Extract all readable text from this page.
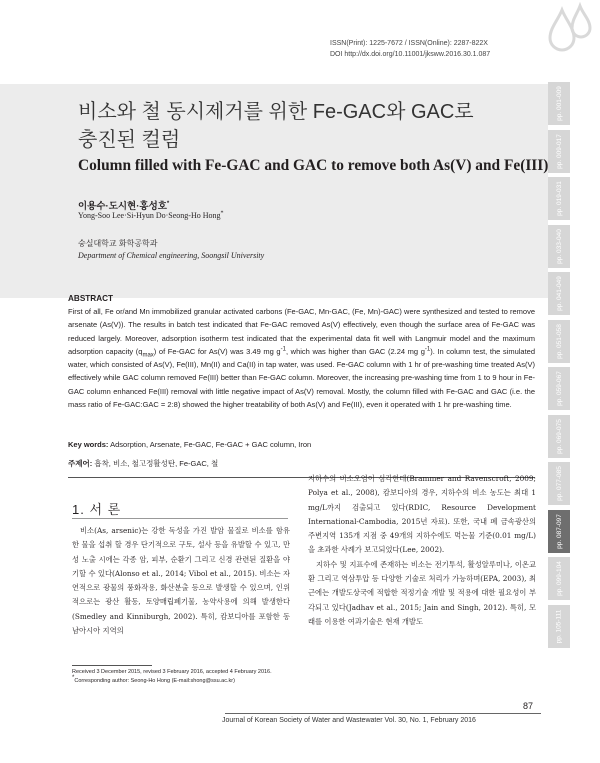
ISSN(Print): 1225-7672 / ISSN(Online): 2287-822X
DOI http://dx.doi.org/10.11001/jksww.2016.30.1.087
비소와 철 동시제거를 위한 Fe-GAC와 GAC로
충진된 컬럼
Column filled with Fe-GAC and GAC to remove both As(V) and Fe(III)
이용수·도시현·홍성호*
Yong-Soo Lee·Si-Hyun Do·Seong-Ho Hong*
숭실대학교 화학공학과
Department of Chemical engineering, Soongsil University
ABSTRACT
First of all, Fe or/and Mn immobilized granular activated carbons (Fe-GAC, Mn-GAC, (Fe, Mn)-GAC) were synthesized and tested to remove arsenate (As(V)). The results in batch test indicated that Fe-GAC removed As(V) effectively, even though the surface area of Fe-GAC was reduced largely. Moreover, adsorption isotherm test indicated that the experimental data fit well with Langmuir model and the maximum adsorption capacity $(q_{max})$ of Fe-GAC for As(V) was 3.49 mg $g^{-1}$, which was higher than GAC (2.24 mg $g^{-1}$). In column test, the simulated water, which consisted of As(V), Fe(III), Mn(II) and Ca(II) in tap water, was used. Fe-GAC column with 1 hr of pre-washing time treated As(V) effectively while GAC column removed Fe(III) better than Fe-GAC column. Moreover, the increasing pre-washing time from 1 to 9 hour in Fe-GAC column enhanced Fe(III) removal with little negative impact of As(V) removal. Mostly, the column filled with Fe-GAC and GAC (i.e. the mass ratio of Fe-GAC:GAC = 2:8) showed the higher treatability of both As(V) and Fe(III), even it operated with 1 hr pre-washing time.
Key words: Adsorption, Arsenate, Fe-GAC, Fe-GAC + GAC column, Iron
주제어: 흡착, 비소, 철고정활성탄, Fe-GAC, 철
1. 서 론

비소(As, arsenic)는 강한 독성을 가진 발암 물질로 비소를 함유한 물을 섭취 할 경우 단기적으로 구토, 설사 등을 유발할 수 있고, 만성 노출 시에는 각종 암, 피부, 순환기 그리고 신경 관련된 질환을 야기할 수 있다(Alonso et al., 2014; Vibol et al., 2015). 비소는 자연적으로 광물의 풍화작용, 화산분출 등으로 발생할 수 있으며, 인위적으로는 광산 활동, 토양매립폐기물, 농약사용에 의해 발생한다(Smedley and Kinniburgh, 2002). 특히, 캄보디아를 포함한 동남아시아 지역의

지하수의 비소오염이 심각한데(Brammer and Ravenscroft, 2009; Polya et al., 2008), 캄보디아의 경우, 지하수의 비소 농도는 최대 1 mg/L까지 검출되고 있다(RDIC, Resource Development International-Cambodia, 2015년 자료). 또한, 국내 폐 금속광산의 주변지역 135개 지점 중 49개의 지하수에도 먹는물 기준(0.01 mg/L)을 초과한 사례가 보고되었다(Lee, 2002).

지하수 및 지표수에 존재하는 비소는 전기투석, 활성알루미나, 이온교환 그리고 역삼투압 등 다양한 기술로 처리가 가능하며(EPA, 2003), 최근에는 개발도상국에 적합한 적정기술 개발 및 적용에 대한 필요성이 부각되고 있다(Jadhav et al., 2015; Jain and Singh, 2012). 특히, 모래를 이용한 여과기술은 현재 개발도

Received 3 December 2015, revised 3 February 2016, accepted 4 February 2016.
*Corresponding author: Seong-Ho Hong (E-mail:shong@ssu.ac.kr)
87
Journal of Korean Society of Water and Wastewater Vol. 30, No. 1, February 2016
pp. 001-009
pp. 009-017
pp. 019-031
pp. 033-040
pp. 041-049
pp. 051-058
pp. 059-067
pp. 069-075
pp. 077-085
pp. 087-097
pp. 099-104
pp. 105-111
